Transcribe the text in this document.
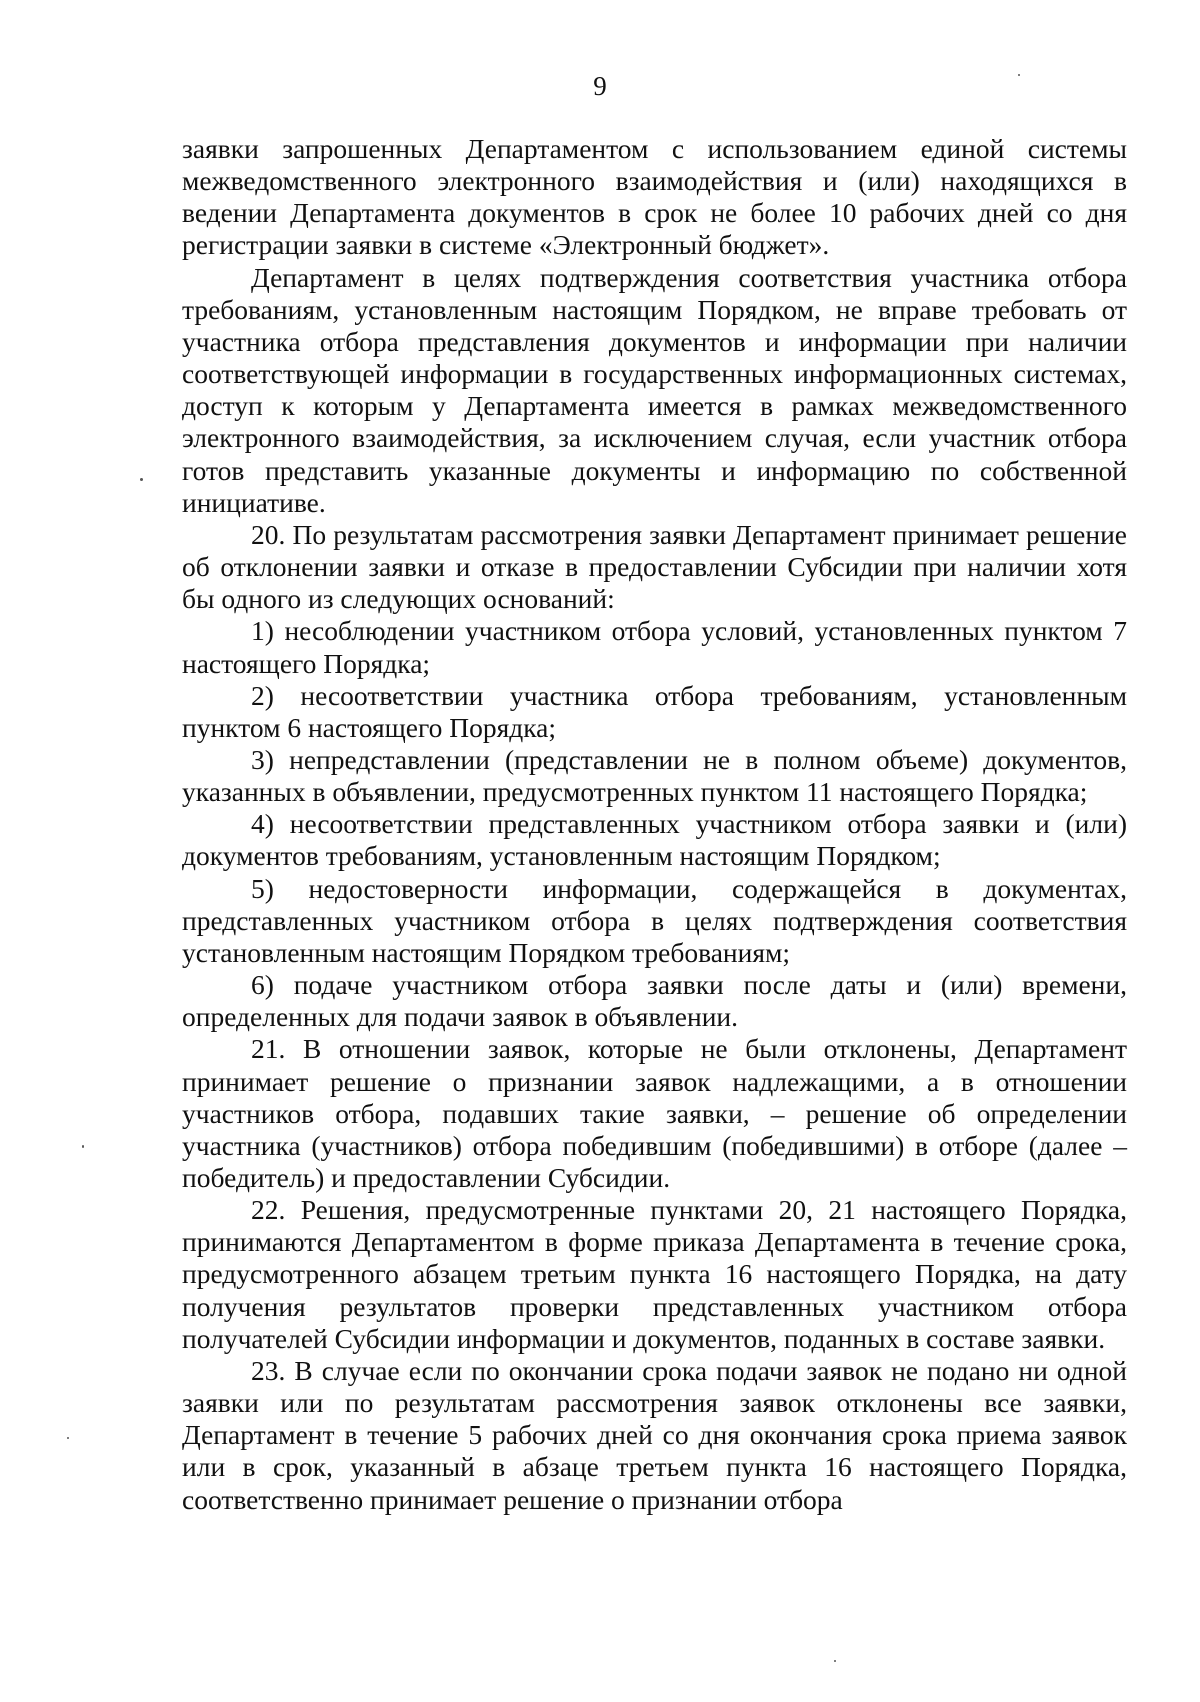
9

заявки запрошенных Департаментом с использованием единой системы межведомственного электронного взаимодействия и (или) находящихся в ведении Департамента документов в срок не более 10 рабочих дней со дня регистрации заявки в системе «Электронный бюджет».

Департамент в целях подтверждения соответствия участника отбора требованиям, установленным настоящим Порядком, не вправе требовать от участника отбора представления документов и информации при наличии соответствующей информации в государственных информационных системах, доступ к которым у Департамента имеется в рамках межведомственного электронного взаимодействия, за исключением случая, если участник отбора готов представить указанные документы и информацию по собственной инициативе.

20. По результатам рассмотрения заявки Департамент принимает решение об отклонении заявки и отказе в предоставлении Субсидии при наличии хотя бы одного из следующих оснований:

1) несоблюдении участником отбора условий, установленных пунктом 7 настоящего Порядка;

2) несоответствии участника отбора требованиям, установленным пунктом 6 настоящего Порядка;

3) непредставлении (представлении не в полном объеме) документов, указанных в объявлении, предусмотренных пунктом 11 настоящего Порядка;

4) несоответствии представленных участником отбора заявки и (или) документов требованиям, установленным настоящим Порядком;

5) недостоверности информации, содержащейся в документах, представленных участником отбора в целях подтверждения соответствия установленным настоящим Порядком требованиям;

6) подаче участником отбора заявки после даты и (или) времени, определенных для подачи заявок в объявлении.

21. В отношении заявок, которые не были отклонены, Департамент принимает решение о признании заявок надлежащими, а в отношении участников отбора, подавших такие заявки, – решение об определении участника (участников) отбора победившим (победившими) в отборе (далее – победитель) и предоставлении Субсидии.

22. Решения, предусмотренные пунктами 20, 21 настоящего Порядка, принимаются Департаментом в форме приказа Департамента в течение срока, предусмотренного абзацем третьим пункта 16 настоящего Порядка, на дату получения результатов проверки представленных участником отбора получателей Субсидии информации и документов, поданных в составе заявки.

23. В случае если по окончании срока подачи заявок не подано ни одной заявки или по результатам рассмотрения заявок отклонены все заявки, Департамент в течение 5 рабочих дней со дня окончания срока приема заявок или в срок, указанный в абзаце третьем пункта 16 настоящего Порядка, соответственно принимает решение о признании отбора
